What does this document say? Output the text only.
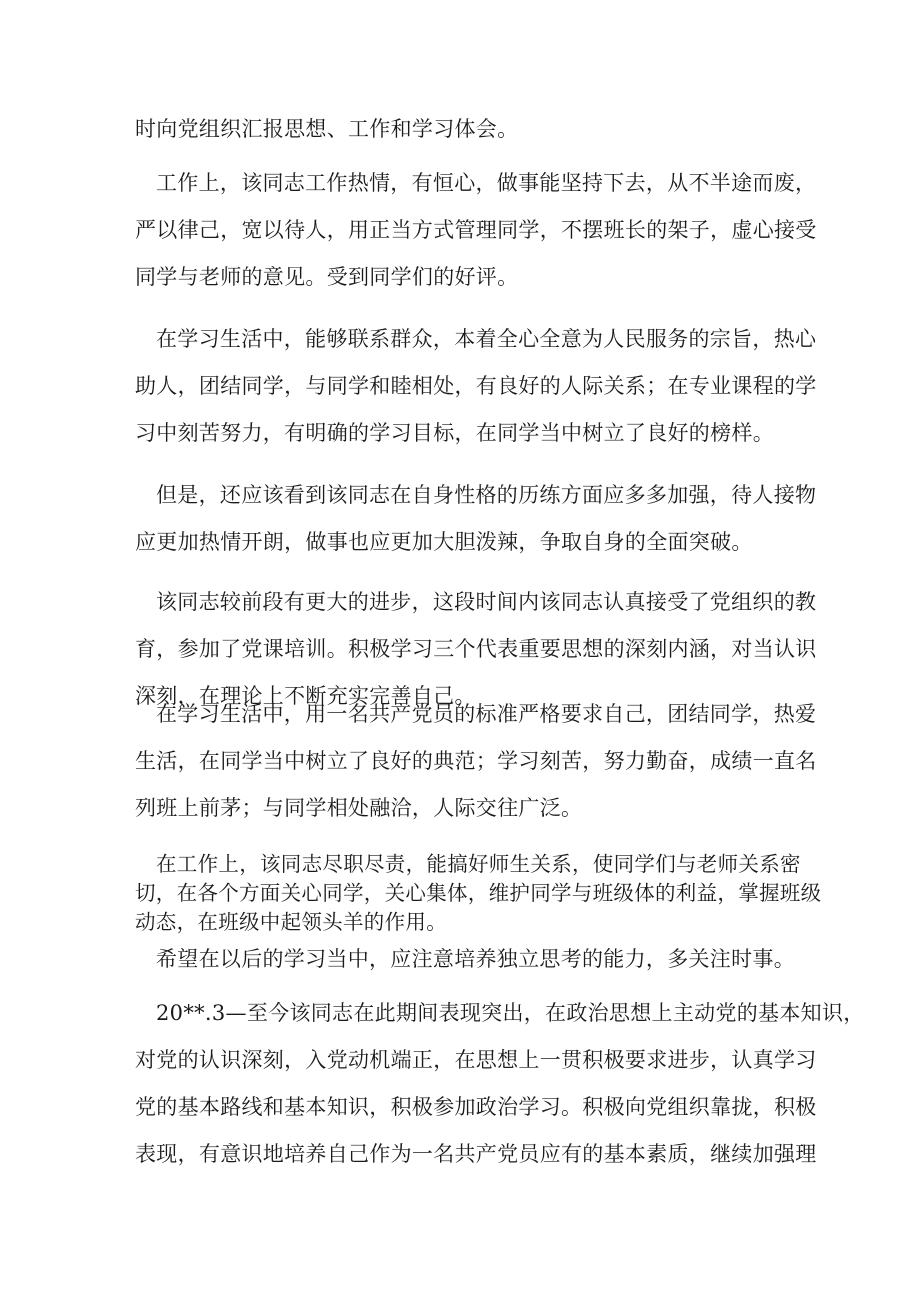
时向党组织汇报思想、工作和学习体会。
工作上，该同志工作热情，有恒心，做事能坚持下去，从不半途而废，
严以律己，宽以待人，用正当方式管理同学，不摆班长的架子，虚心接受
同学与老师的意见。受到同学们的好评。
在学习生活中，能够联系群众，本着全心全意为人民服务的宗旨，热心
助人，团结同学，与同学和睦相处，有良好的人际关系；在专业课程的学
习中刻苦努力，有明确的学习目标，在同学当中树立了良好的榜样。
但是，还应该看到该同志在自身性格的历练方面应多多加强，待人接物
应更加热情开朗，做事也应更加大胆泼辣，争取自身的全面突破。
该同志较前段有更大的进步，这段时间内该同志认真接受了党组织的教
育，参加了党课培训。积极学习三个代表重要思想的深刻内涵，对当认识
深刻，在理论上不断充实完善自己。
在学习生活中，用一名共产党员的标准严格要求自己，团结同学，热爱
生活，在同学当中树立了良好的典范；学习刻苦，努力勤奋，成绩一直名
列班上前茅；与同学相处融洽，人际交往广泛。
在工作上，该同志尽职尽责，能搞好师生关系，使同学们与老师关系密
切，在各个方面关心同学，关心集体，维护同学与班级体的利益，掌握班级
动态，在班级中起领头羊的作用。
希望在以后的学习当中，应注意培养独立思考的能力，多关注时事。
20**.3—至今该同志在此期间表现突出，在政治思想上主动党的基本知识，
对党的认识深刻，入党动机端正，在思想上一贯积极要求进步，认真学习
党的基本路线和基本知识，积极参加政治学习。积极向党组织靠拢，积极
表现，有意识地培养自己作为一名共产党员应有的基本素质，继续加强理
